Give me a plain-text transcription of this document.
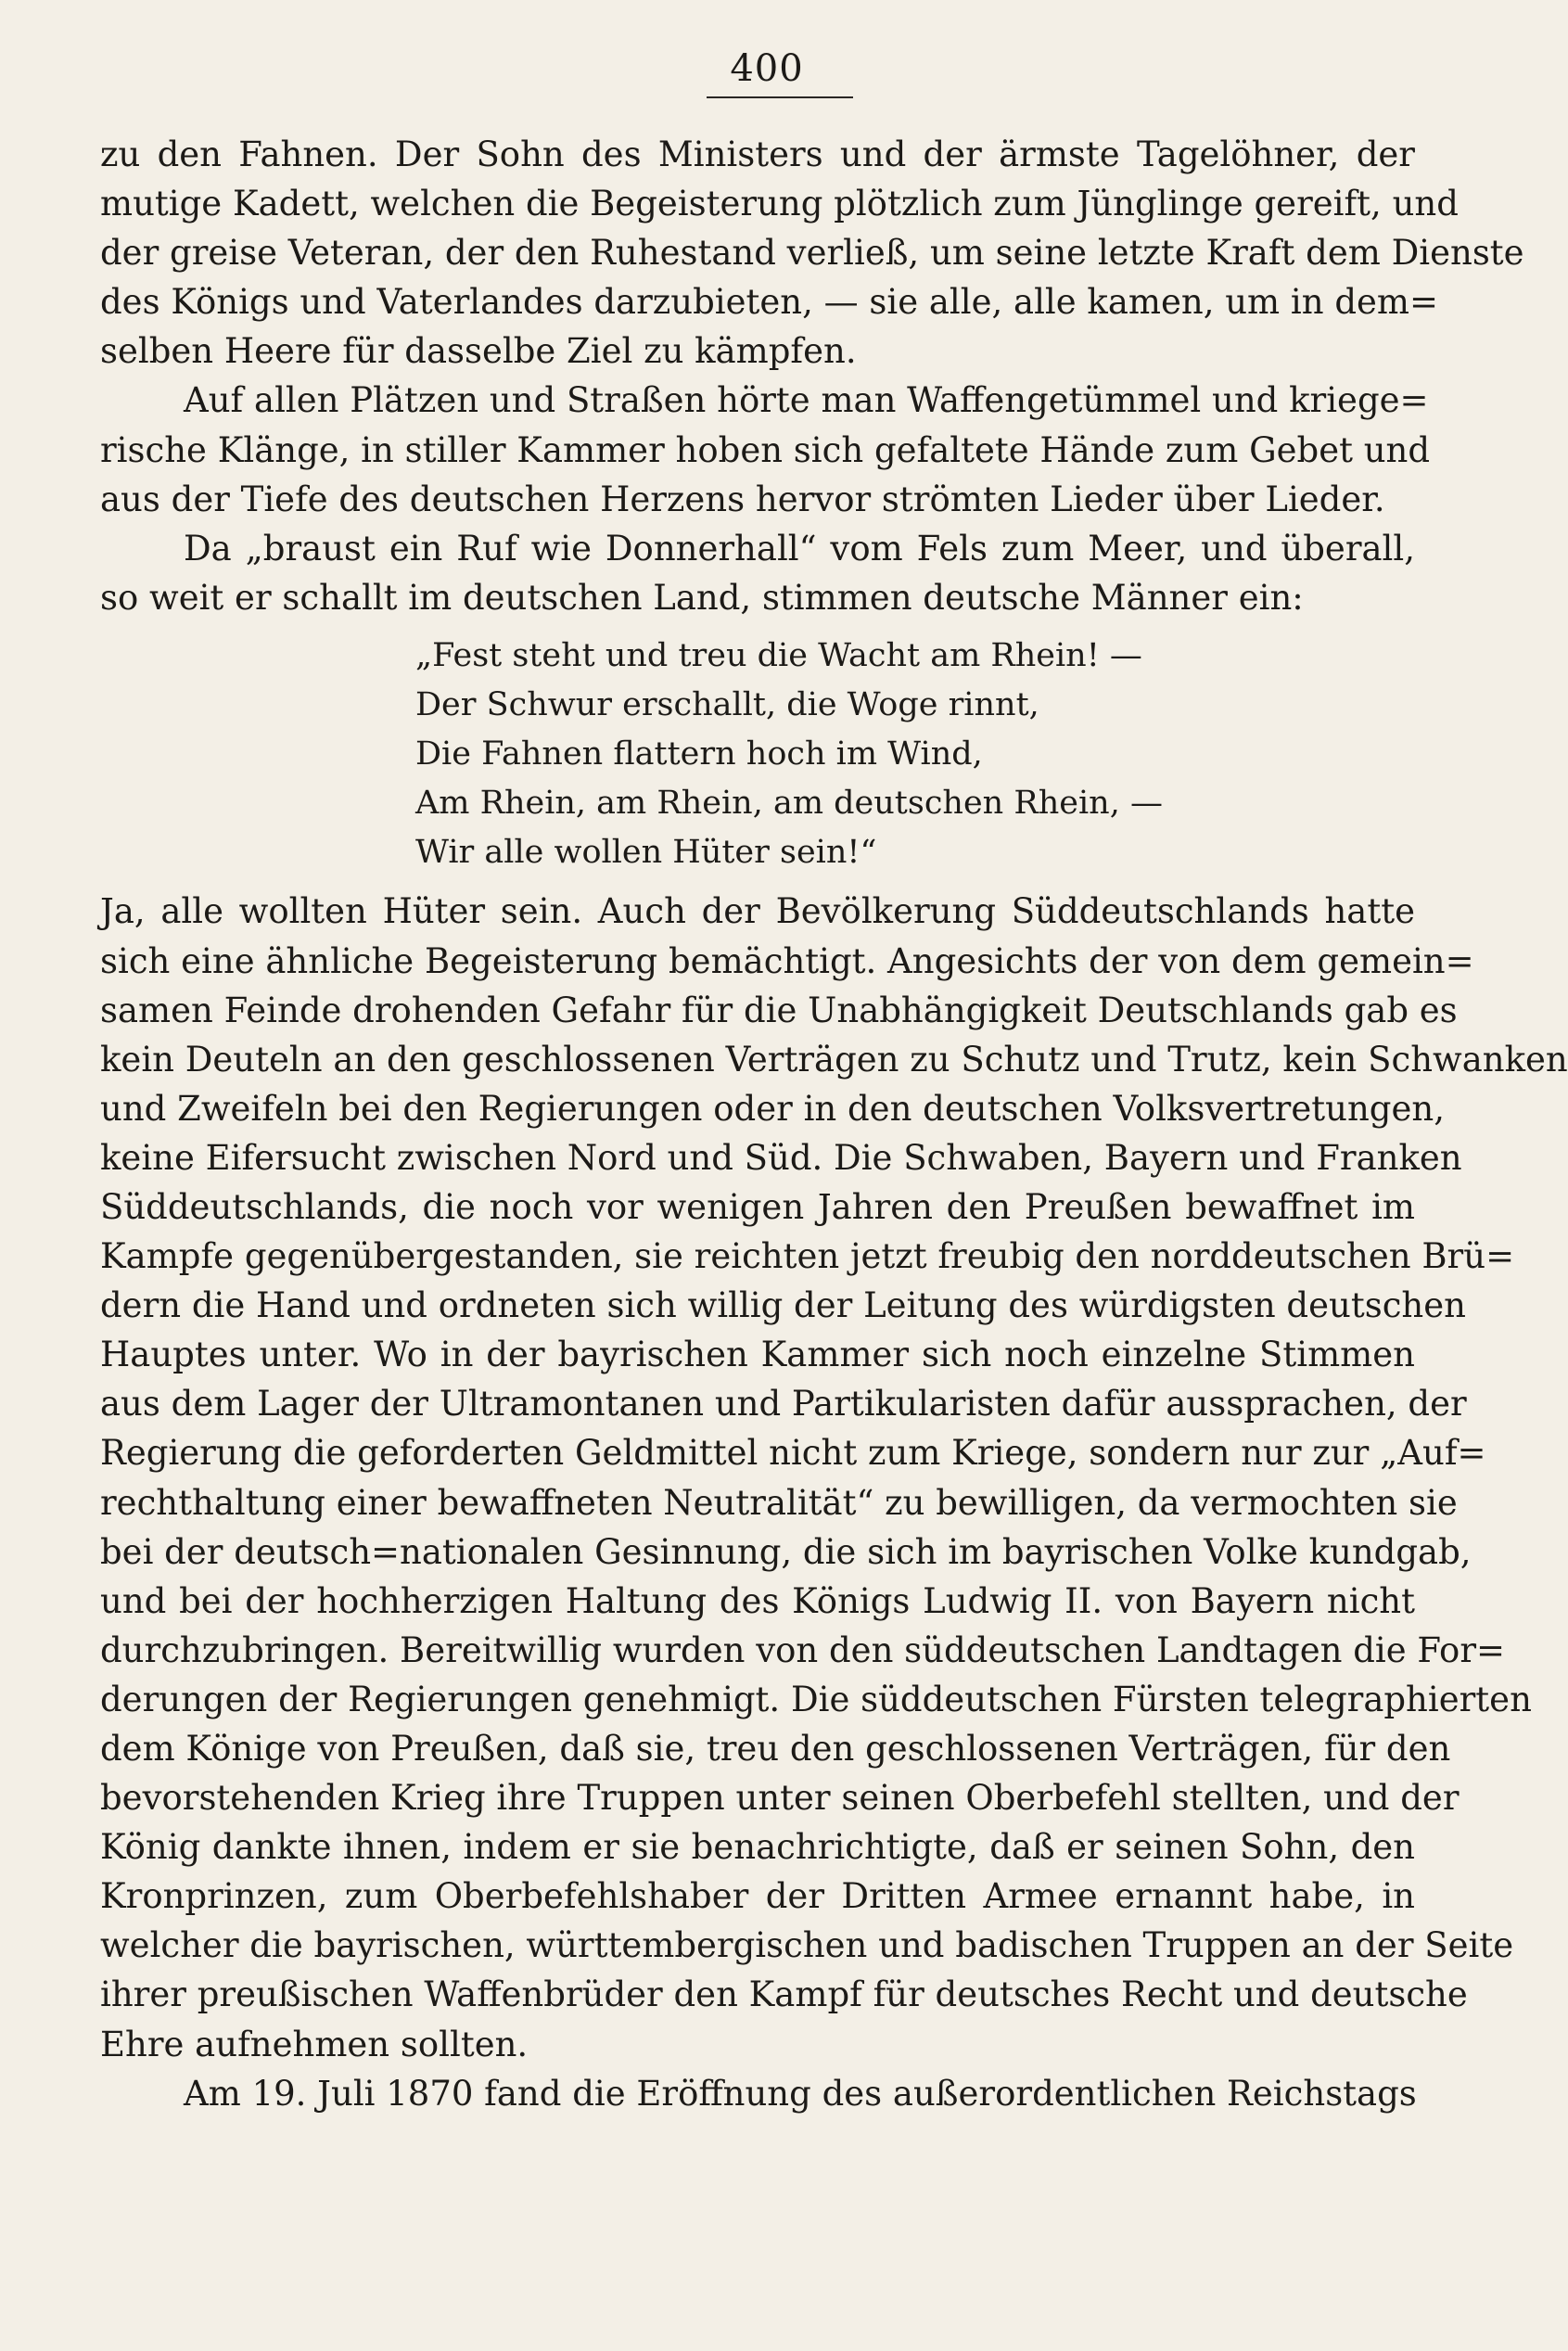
400
zu den Fahnen. Der Sohn des Ministers und der ärmste Tagelöhner, der
mutige Kadett, welchen die Begeisterung plötzlich zum Jünglinge gereift, und
der greise Veteran, der den Ruhestand verließ, um seine letzte Kraft dem Dienste
des Königs und Vaterlandes darzubieten, — sie alle, alle kamen, um in dem=
selben Heere für dasselbe Ziel zu kämpfen.
Auf allen Plätzen und Straßen hörte man Waffengetümmel und kriege=
rische Klänge, in stiller Kammer hoben sich gefaltete Hände zum Gebet und
aus der Tiefe des deutschen Herzens hervor strömten Lieder über Lieder.
Da „braust ein Ruf wie Donnerhall“ vom Fels zum Meer, und überall,
so weit er schallt im deutschen Land, stimmen deutsche Männer ein:
„Fest steht und treu die Wacht am Rhein! —
Der Schwur erschallt, die Woge rinnt,
Die Fahnen flattern hoch im Wind,
Am Rhein, am Rhein, am deutschen Rhein, —
Wir alle wollen Hüter sein!“
Ja, alle wollten Hüter sein. Auch der Bevölkerung Süddeutschlands hatte
sich eine ähnliche Begeisterung bemächtigt. Angesichts der von dem gemein=
samen Feinde drohenden Gefahr für die Unabhängigkeit Deutschlands gab es
kein Deuteln an den geschlossenen Verträgen zu Schutz und Trutz, kein Schwanken
und Zweifeln bei den Regierungen oder in den deutschen Volksvertretungen,
keine Eifersucht zwischen Nord und Süd. Die Schwaben, Bayern und Franken
Süddeutschlands, die noch vor wenigen Jahren den Preußen bewaffnet im
Kampfe gegenübergestanden, sie reichten jetzt freubig den norddeutschen Brü=
dern die Hand und ordneten sich willig der Leitung des würdigsten deutschen
Hauptes unter. Wo in der bayrischen Kammer sich noch einzelne Stimmen
aus dem Lager der Ultramontanen und Partikularisten dafür aussprachen, der
Regierung die geforderten Geldmittel nicht zum Kriege, sondern nur zur „Auf=
rechthaltung einer bewaffneten Neutralität“ zu bewilligen, da vermochten sie
bei der deutsch=nationalen Gesinnung, die sich im bayrischen Volke kundgab,
und bei der hochherzigen Haltung des Königs Ludwig II. von Bayern nicht
durchzubringen. Bereitwillig wurden von den süddeutschen Landtagen die For=
derungen der Regierungen genehmigt. Die süddeutschen Fürsten telegraphierten
dem Könige von Preußen, daß sie, treu den geschlossenen Verträgen, für den
bevorstehenden Krieg ihre Truppen unter seinen Oberbefehl stellten, und der
König dankte ihnen, indem er sie benachrichtigte, daß er seinen Sohn, den
Kronprinzen, zum Oberbefehlshaber der Dritten Armee ernannt habe, in
welcher die bayrischen, württembergischen und badischen Truppen an der Seite
ihrer preußischen Waffenbrüder den Kampf für deutsches Recht und deutsche
Ehre aufnehmen sollten.
Am 19. Juli 1870 fand die Eröffnung des außerordentlichen Reichstags
